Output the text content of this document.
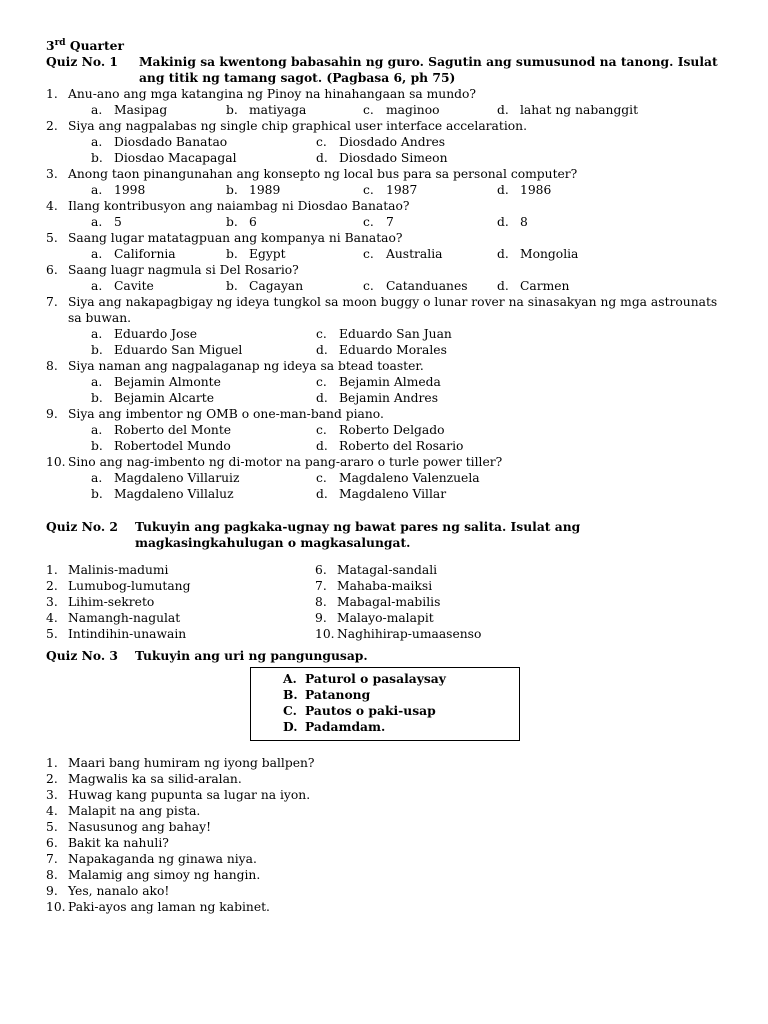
3rd Quarter
Quiz No. 1	Makinig sa kwentong babasahin ng guro. Sagutin ang sumusunod na tanong. Isulat ang titik ng tamang sagot. (Pagbasa 6, ph 75)
1. Anu-ano ang mga katangina ng Pinoy na hinahangaan sa mundo?
a. Masipag	b. matiyaga	c. maginoo	d. lahat ng nabanggit
2. Siya ang nagpalabas ng single chip graphical user interface accelaration.
a. Diosdado Banatao	c. Diosdado Andres
b. Diosdao Macapagal	d. Diosdado Simeon
3. Anong taon pinangunahan ang konsepto ng local bus para sa personal computer?
a. 1998	b. 1989	c. 1987	d. 1986
4. Ilang kontribusyon ang naiambag ni Diosdao Banatao?
a. 5	b. 6	c. 7	d. 8
5. Saang lugar matatagpuan ang kompanya ni Banatao?
a. California	b. Egypt	c. Australia	d. Mongolia
6. Saang luagr nagmula si Del Rosario?
a. Cavite	b. Cagayan	c. Catanduanes d. Carmen
7. Siya ang nakapagbigay ng ideya tungkol sa moon buggy o lunar rover na sinasakyan ng mga astrounats sa buwan.
a. Eduardo Jose	c. Eduardo San Juan
b. Eduardo San Miguel	d. Eduardo Morales
8. Siya naman ang nagpalaganap ng ideya sa btead toaster.
a. Bejamin Almonte	c. Bejamin Almeda
b. Bejamin Alcarte	d. Bejamin Andres
9. Siya ang imbentor ng OMB o one-man-band piano.
a. Roberto del Monte	c. Roberto Delgado
b. Robertodel Mundo	d. Roberto del Rosario
10. Sino ang nag-imbento ng di-motor na pang-araro o turle power tiller?
a. Magdaleno Villaruiz	c. Magdaleno Valenzuela
b. Magdaleno Villaluz	d. Magdaleno Villar
Quiz No. 2	Tukuyin ang pagkaka-ugnay ng bawat pares ng salita. Isulat ang magkasingkahulugan o magkasalungat.
1. Malinis-madumi
2. Lumubog-lumutang
3. Lihim-sekreto
4. Namangh-nagulat
5. Intindihin-unawain
6. Matagal-sandali
7. Mahaba-maiksi
8. Mabagal-mabilis
9. Malayo-malapit
10. Naghihirap-umaasenso
Quiz No. 3	Tukuyin ang uri ng pangungusap.
A. Paturol o pasalaysay
B. Patanong
C. Pautos o paki-usap
D. Padamdam.
1. Maari bang humiram ng iyong ballpen?
2. Magwalis ka sa silid-aralan.
3. Huwag kang pupunta sa lugar na iyon.
4. Malapit na ang pista.
5. Nasusunog ang bahay!
6. Bakit ka nahuli?
7. Napakaganda ng ginawa niya.
8. Malamig ang simoy ng hangin.
9. Yes, nanalo ako!
10. Paki-ayos ang laman ng kabinet.
